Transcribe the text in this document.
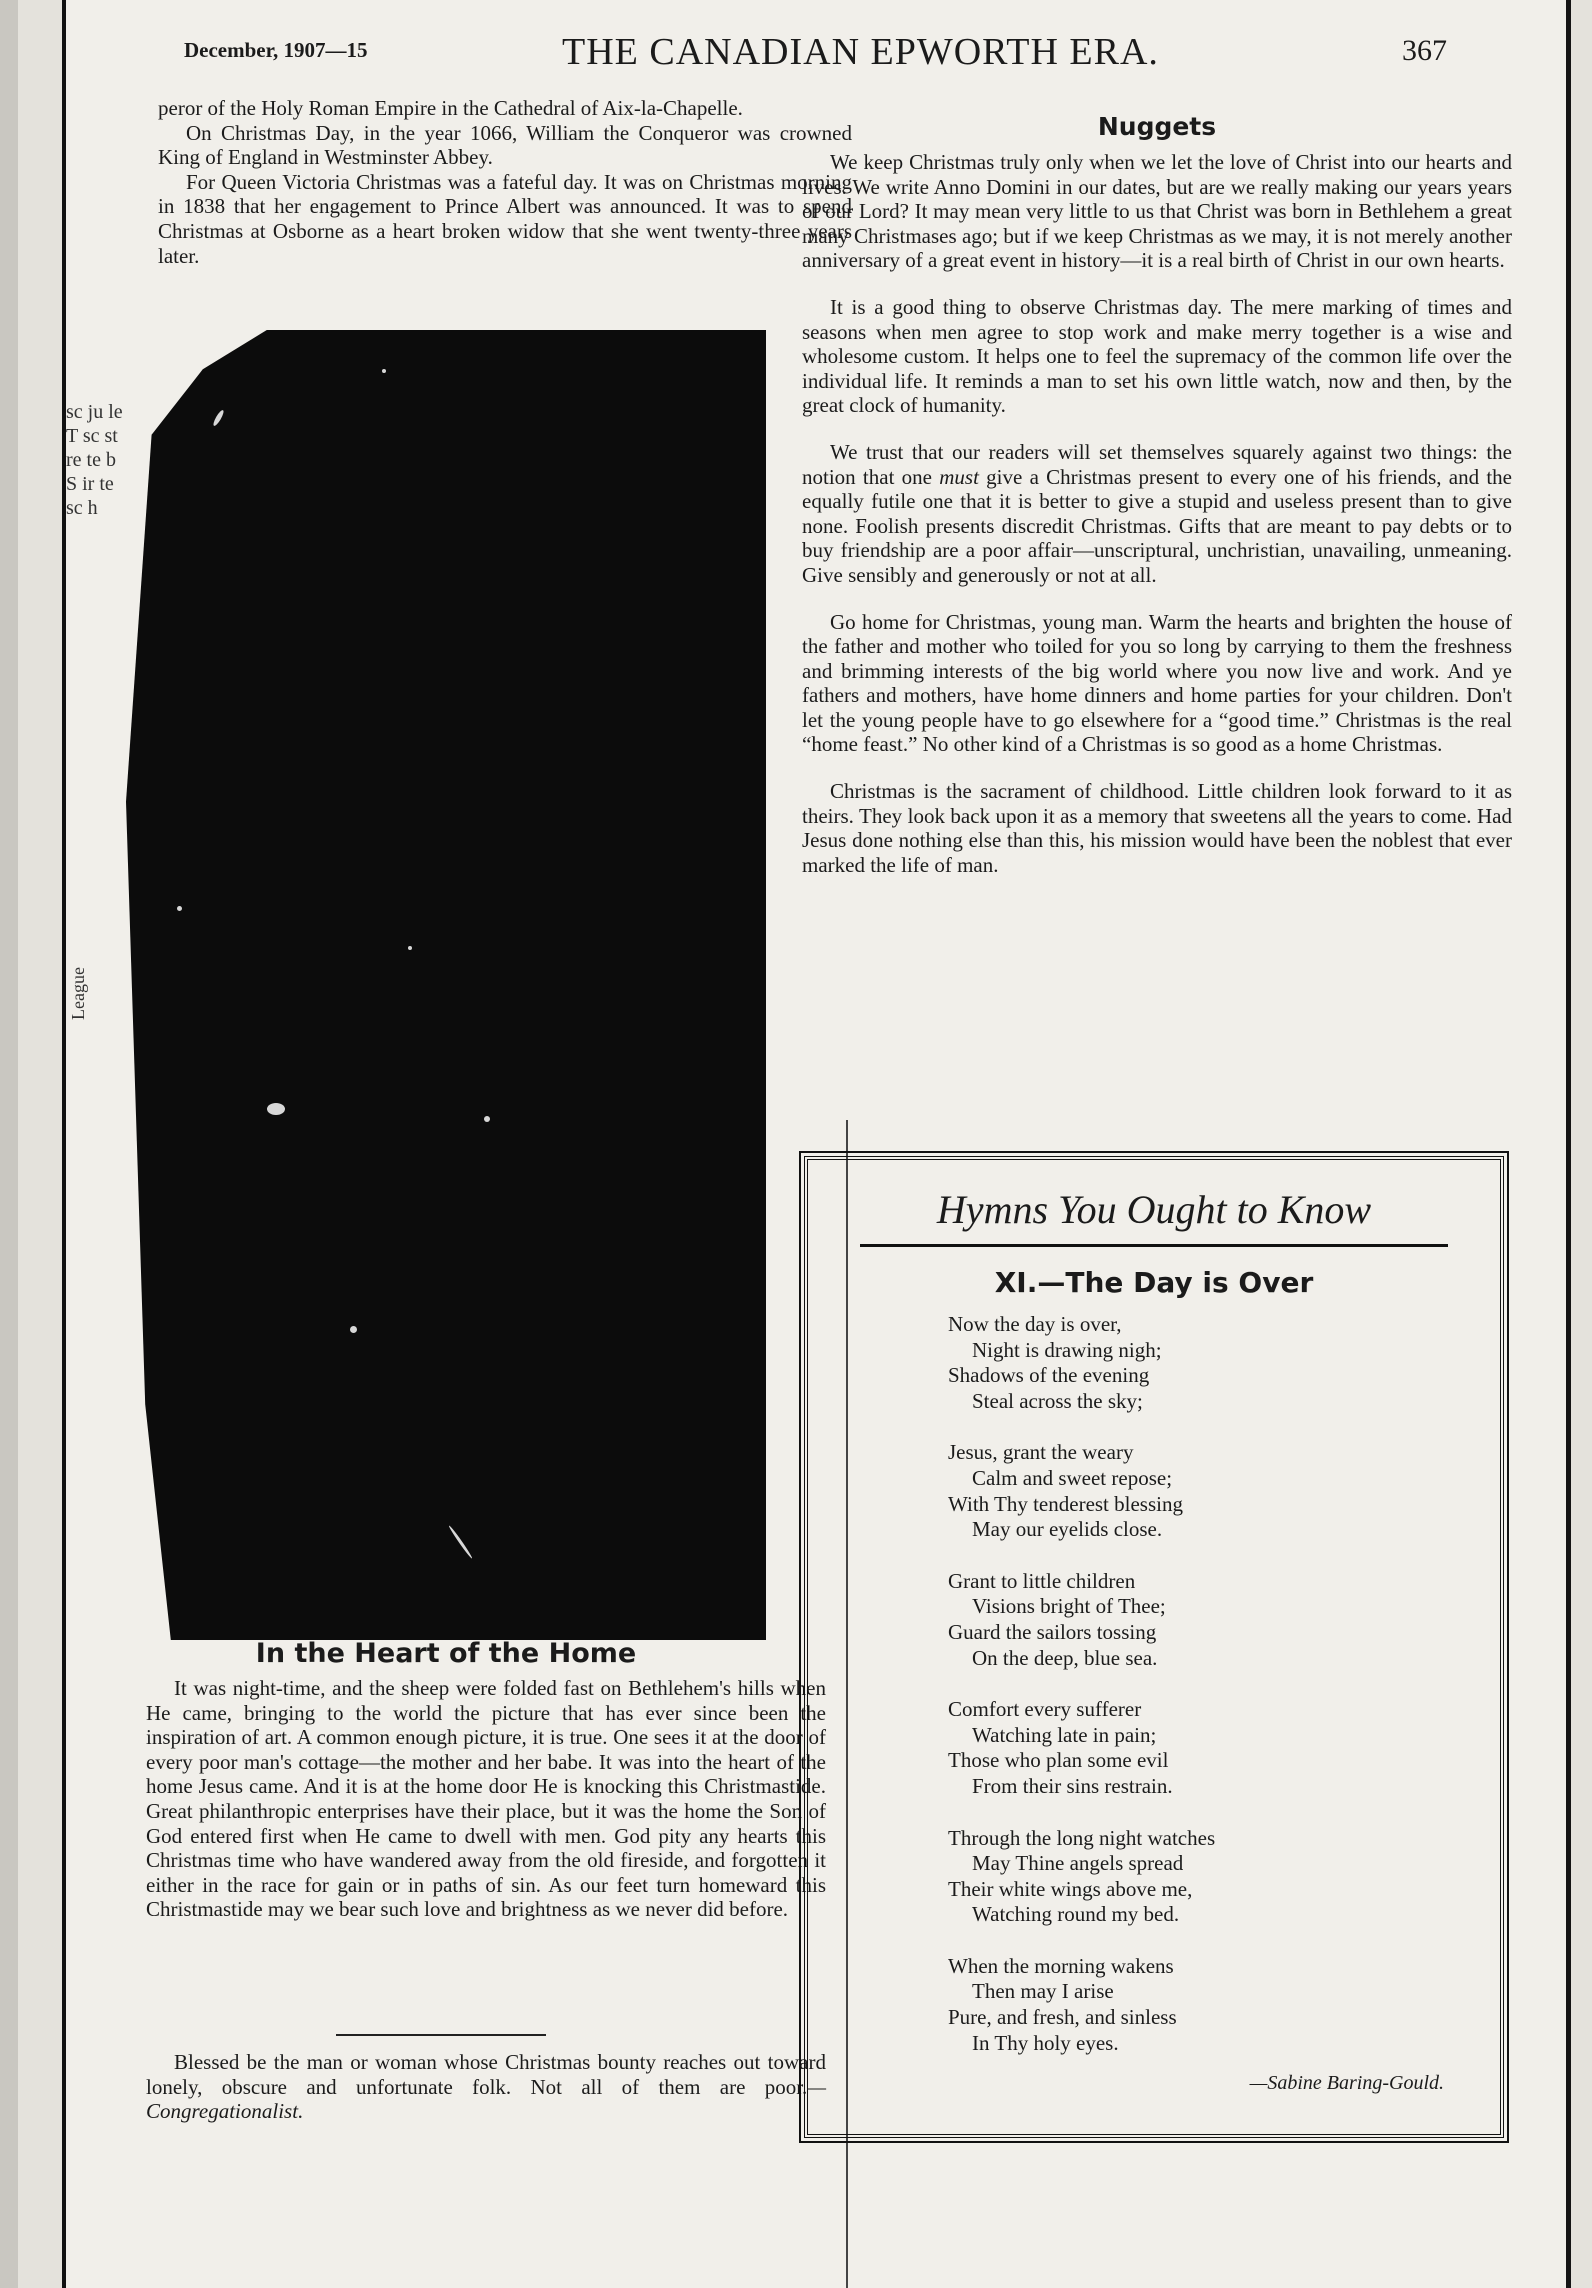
December, 1907—15	THE CANADIAN EPWORTH ERA.	367

peror of the Holy Roman Empire in the Cathedral of Aix-la-Chapelle.

On Christmas Day, in the year 1066, William the Conqueror was crowned King of England in Westminster Abbey.

For Queen Victoria Christmas was a fateful day. It was on Christmas morning in 1838 that her engagement to Prince Albert was announced. It was to spend Christmas at Osborne as a heart broken widow that she went twenty-three years later.

sc ju le T sc st re te b S ir te sc h
League
In the Heart of the Home

It was night-time, and the sheep were folded fast on Bethlehem's hills when He came, bringing to the world the picture that has ever since been the inspiration of art. A common enough picture, it is true. One sees it at the door of every poor man's cottage—the mother and her babe. It was into the heart of the home Jesus came. And it is at the home door He is knocking this Christmastide. Great philanthropic enterprises have their place, but it was the home the Son of God entered first when He came to dwell with men. God pity any hearts this Christmas time who have wandered away from the old fireside, and forgotten it either in the race for gain or in paths of sin. As our feet turn homeward this Christmastide may we bear such love and brightness as we never did before.

Blessed be the man or woman whose Christmas bounty reaches out toward lonely, obscure and unfortunate folk. Not all of them are poor.—Congregationalist.

Nuggets

We keep Christmas truly only when we let the love of Christ into our hearts and lives. We write Anno Domini in our dates, but are we really making our years years of our Lord? It may mean very little to us that Christ was born in Bethlehem a great many Christmases ago; but if we keep Christmas as we may, it is not merely another anniversary of a great event in history—it is a real birth of Christ in our own hearts.

It is a good thing to observe Christmas day. The mere marking of times and seasons when men agree to stop work and make merry together is a wise and wholesome custom. It helps one to feel the supremacy of the common life over the individual life. It reminds a man to set his own little watch, now and then, by the great clock of humanity.

We trust that our readers will set themselves squarely against two things: the notion that one must give a Christmas present to every one of his friends, and the equally futile one that it is better to give a stupid and useless present than to give none. Foolish presents discredit Christmas. Gifts that are meant to pay debts or to buy friendship are a poor affair—unscriptural, unchristian, unavailing, unmeaning. Give sensibly and generously or not at all.

Go home for Christmas, young man. Warm the hearts and brighten the house of the father and mother who toiled for you so long by carrying to them the freshness and brimming interests of the big world where you now live and work. And ye fathers and mothers, have home dinners and home parties for your children. Don't let the young people have to go elsewhere for a “good time.” Christmas is the real “home feast.” No other kind of a Christmas is so good as a home Christmas.

Christmas is the sacrament of childhood. Little children look forward to it as theirs. They look back upon it as a memory that sweetens all the years to come. Had Jesus done nothing else than this, his mission would have been the noblest that ever marked the life of man.

Hymns You Ought to Know
XI.—The Day is Over
Now the day is over,
Night is drawing nigh;
Shadows of the evening
Steal across the sky;
Jesus, grant the weary
Calm and sweet repose;
With Thy tenderest blessing
May our eyelids close.
Grant to little children
Visions bright of Thee;
Guard the sailors tossing
On the deep, blue sea.
Comfort every sufferer
Watching late in pain;
Those who plan some evil
From their sins restrain.
Through the long night watches
May Thine angels spread
Their white wings above me,
Watching round my bed.
When the morning wakens
Then may I arise
Pure, and fresh, and sinless
In Thy holy eyes.
—Sabine Baring-Gould.
